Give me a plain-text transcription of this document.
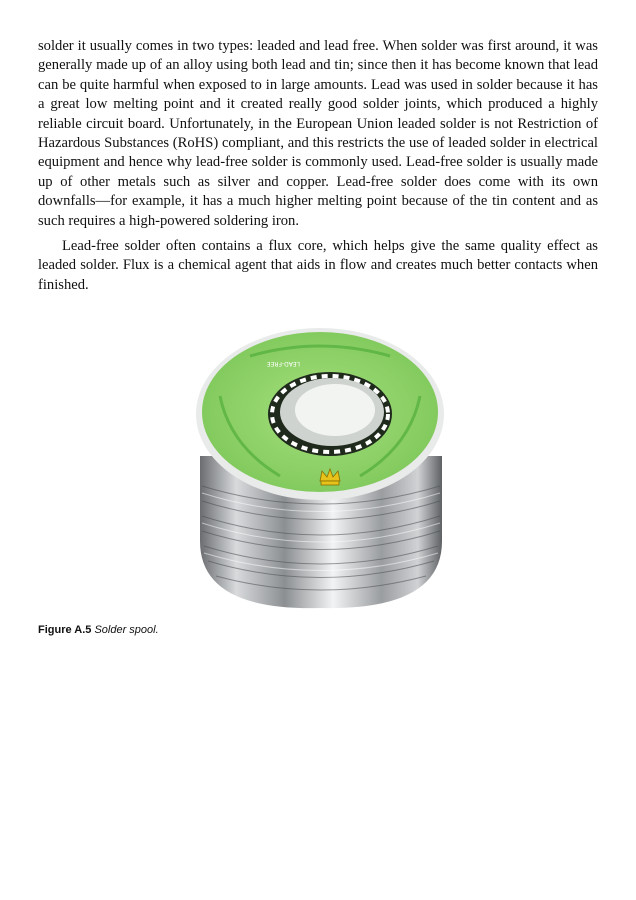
solder it usually comes in two types: leaded and lead free. When solder was first around, it was generally made up of an alloy using both lead and tin; since then it has become known that lead can be quite harmful when exposed to in large amounts. Lead was used in solder because it has a great low melting point and it created really good solder joints, which produced a highly reliable circuit board. Unfortunately, in the European Union leaded solder is not Restriction of Hazardous Substances (RoHS) compliant, and this restricts the use of leaded solder in electrical equipment and hence why lead-free solder is commonly used. Lead-free solder is usually made up of other metals such as silver and copper. Lead-free solder does come with its own downfalls—for example, it has a much higher melting point because of the tin content and as such requires a high-powered soldering iron.

Lead-free solder often contains a flux core, which helps give the same quality effect as leaded solder. Flux is a chemical agent that aids in flow and creates much better contacts when finished.

LEAD-FREE
Figure A.5 Solder spool.
